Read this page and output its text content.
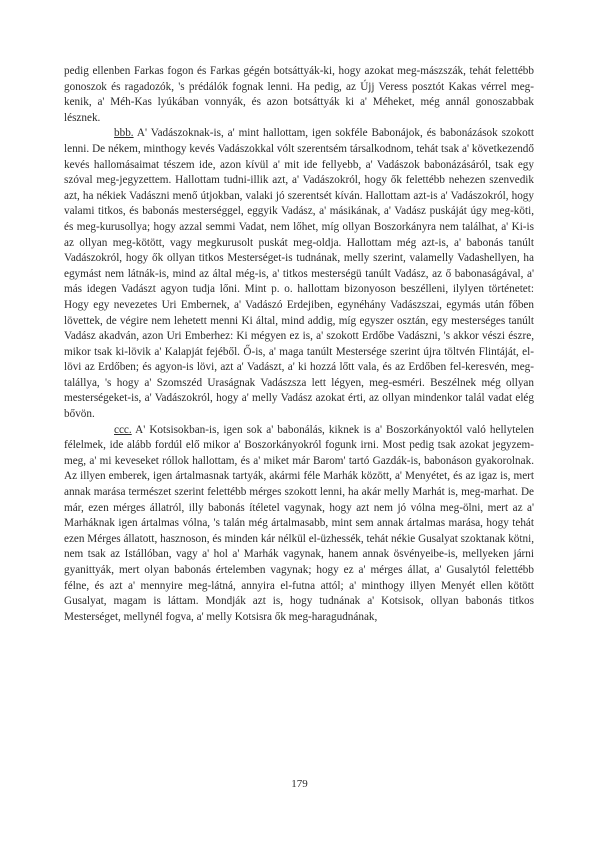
pedig ellenben Farkas fogon és Farkas gégén botsáttyák-ki, hogy azokat meg-mászszák, tehát felettébb gonoszok és ragadozók, 's prédálók fognak lenni. Ha pedig, az Újj Veress posztót Kakas vérrel meg-kenik, a' Méh-Kas lyúkában vonnyák, és azon botsáttyák ki a' Méheket, még annál gonoszabbak lésznek.

bbb. A' Vadászoknak-is, a' mint hallottam, igen sokféle Babonájok, és babonázások szokott lenni. De nékem, minthogy kevés Vadászokkal vólt szerentsém társalkodnom, tehát tsak a' következendő kevés hallomásaimat tészem ide, azon kívül a' mit ide fellyebb, a' Vadászok babonázásáról, tsak egy szóval meg-jegyzettem. Hallottam tudni-illik azt, a' Vadászokról, hogy ők felettébb nehezen szenvedik azt, ha nékiek Vadászni menő útjokban, valaki jó szerentsét kíván. Hallottam azt-is a' Vadászokról, hogy valami titkos, és babonás mesterséggel, eggyik Vadász, a' másikának, a' Vadász puskáját úgy meg-köti, és meg-kurusollya; hogy azzal semmi Vadat, nem lőhet, míg ollyan Boszorkányra nem találhat, a' Ki-is az ollyan meg-kötött, vagy megkurusolt puskát meg-oldja. Hallottam még azt-is, a' babonás tanúlt Vadászokról, hogy ők ollyan titkos Mesterséget-is tudnának, melly szerint, valamelly Vadashellyen, ha egymást nem látnák-is, mind az által még-is, a' titkos mesterségü tanúlt Vadász, az ő babonaságával, a' más idegen Vadászt agyon tudja lőni. Mint p. o. hallottam bizonyoson beszélleni, ilylyen történetet: Hogy egy nevezetes Uri Embernek, a' Vadászó Erdejiben, egynéhány Vadászszai, egymás után főben lövettek, de végire nem lehetett menni Ki által, mind addig, míg egyszer osztán, egy mesterséges tanúlt Vadász akadván, azon Uri Emberhez: Ki mégyen ez is, a' szokott Erdőbe Vadászni, 's akkor vészi észre, mikor tsak ki-lövik a' Kalapját fejéből. Ő-is, a' maga tanúlt Mestersége szerint újra töltvén Flintáját, el-lövi az Erdőben; és agyon-is lövi, azt a' Vadászt, a' ki hozzá lőtt vala, és az Erdőben fel-keresvén, meg-talállya, 's hogy a' Szomszéd Uraságnak Vadászsza lett légyen, meg-esméri. Beszélnek még ollyan mesterségeket-is, a' Vadászokról, hogy a' melly Vadász azokat érti, az ollyan mindenkor talál vadat elég bővön.

ccc. A' Kotsisokban-is, igen sok a' babonálás, kiknek is a' Boszorkányoktól való hellytelen félelmek, ide alább fordúl elő mikor a' Boszorkányokról fogunk irni. Most pedig tsak azokat jegyzem-meg, a' mi keveseket róllok hallottam, és a' miket már Barom' tartó Gazdák-is, babonáson gyakorolnak. Az illyen emberek, igen ártalmasnak tartyák, akármi féle Marhák között, a' Menyétet, és az igaz is, mert annak marása természet szerint felettébb mérges szokott lenni, ha akár melly Marhát is, meg-marhat. De már, ezen mérges állatról, illy babonás ítéletel vagynak, hogy azt nem jó vólna meg-ölni, mert az a' Marháknak igen ártalmas vólna, 's talán még ártalmasabb, mint sem annak ártalmas marása, hogy tehát ezen Mérges állatott, hasznoson, és minden kár nélkül el-üzhessék, tehát nékie Gusalyat szoktanak kötni, nem tsak az Istállóban, vagy a' hol a' Marhák vagynak, hanem annak ösvényeibe-is, mellyeken járni gyanittyák, mert olyan babonás értelemben vagynak; hogy ez a' mérges állat, a' Gusalytól felettébb félne, és azt a' mennyire meg-látná, annyira el-futna attól; a' minthogy illyen Menyét ellen kötött Gusalyat, magam is láttam. Mondják azt is, hogy tudnának a' Kotsisok, ollyan babonás titkos Mesterséget, mellynél fogva, a' melly Kotsisra ők meg-haragudnának,

179
